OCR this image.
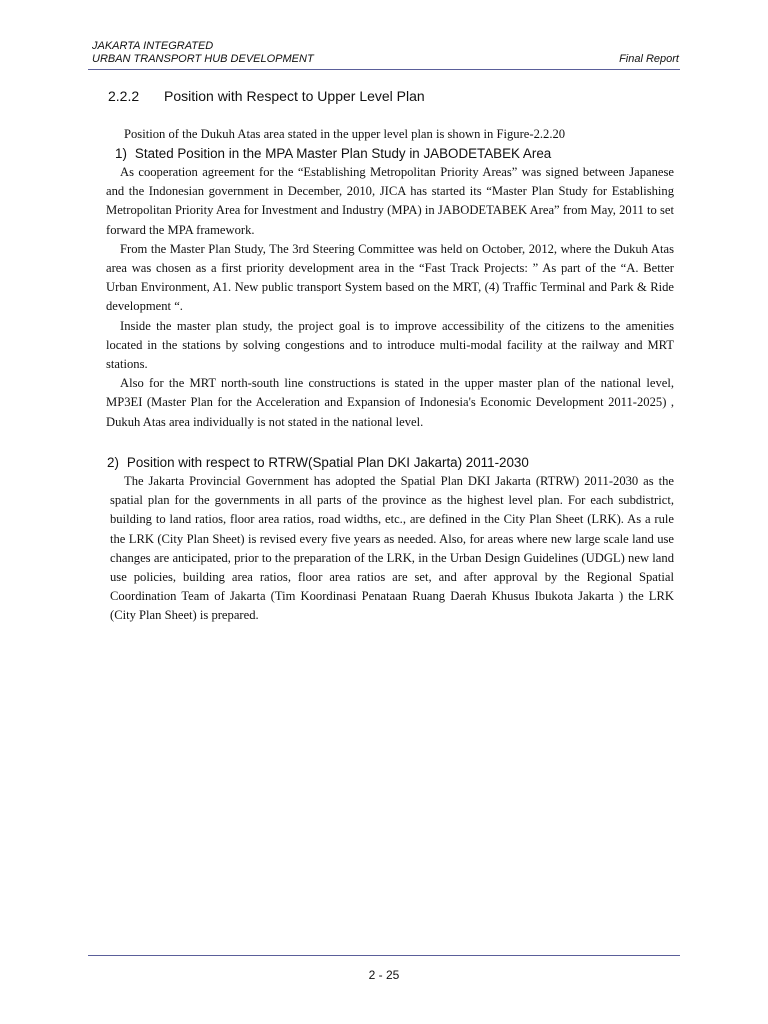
JAKARTA INTEGRATED
URBAN TRANSPORT HUB DEVELOPMENT	Final Report
2.2.2 Position with Respect to Upper Level Plan
Position of the Dukuh Atas area stated in the upper level plan is shown in Figure-2.2.20
1) Stated Position in the MPA Master Plan Study in JABODETABEK Area

As cooperation agreement for the “Establishing Metropolitan Priority Areas” was signed between Japanese and the Indonesian government in December, 2010, JICA has started its “Master Plan Study for Establishing Metropolitan Priority Area for Investment and Industry (MPA) in JABODETABEK Area” from May, 2011 to set forward the MPA framework.

From the Master Plan Study, The 3rd Steering Committee was held on October, 2012, where the Dukuh Atas area was chosen as a first priority development area in the “Fast Track Projects: ” As part of the “A. Better Urban Environment, A1. New public transport System based on the MRT, (4) Traffic Terminal and Park & Ride development “.

Inside the master plan study, the project goal is to improve accessibility of the citizens to the amenities located in the stations by solving congestions and to introduce multi-modal facility at the railway and MRT stations.

Also for the MRT north-south line constructions is stated in the upper master plan of the national level, MP3EI (Master Plan for the Acceleration and Expansion of Indonesia's Economic Development 2011-2025) , Dukuh Atas area individually is not stated in the national level.

2) Position with respect to RTRW(Spatial Plan DKI Jakarta) 2011-2030

The Jakarta Provincial Government has adopted the Spatial Plan DKI Jakarta (RTRW) 2011-2030 as the spatial plan for the governments in all parts of the province as the highest level plan. For each subdistrict, building to land ratios, floor area ratios, road widths, etc., are defined in the City Plan Sheet (LRK). As a rule the LRK (City Plan Sheet) is revised every five years as needed. Also, for areas where new large scale land use changes are anticipated, prior to the preparation of the LRK, in the Urban Design Guidelines (UDGL) new land use policies, building area ratios, floor area ratios are set, and after approval by the Regional Spatial Coordination Team of Jakarta (Tim Koordinasi Penataan Ruang Daerah Khusus Ibukota Jakarta ) the LRK (City Plan Sheet) is prepared.

2 - 25
